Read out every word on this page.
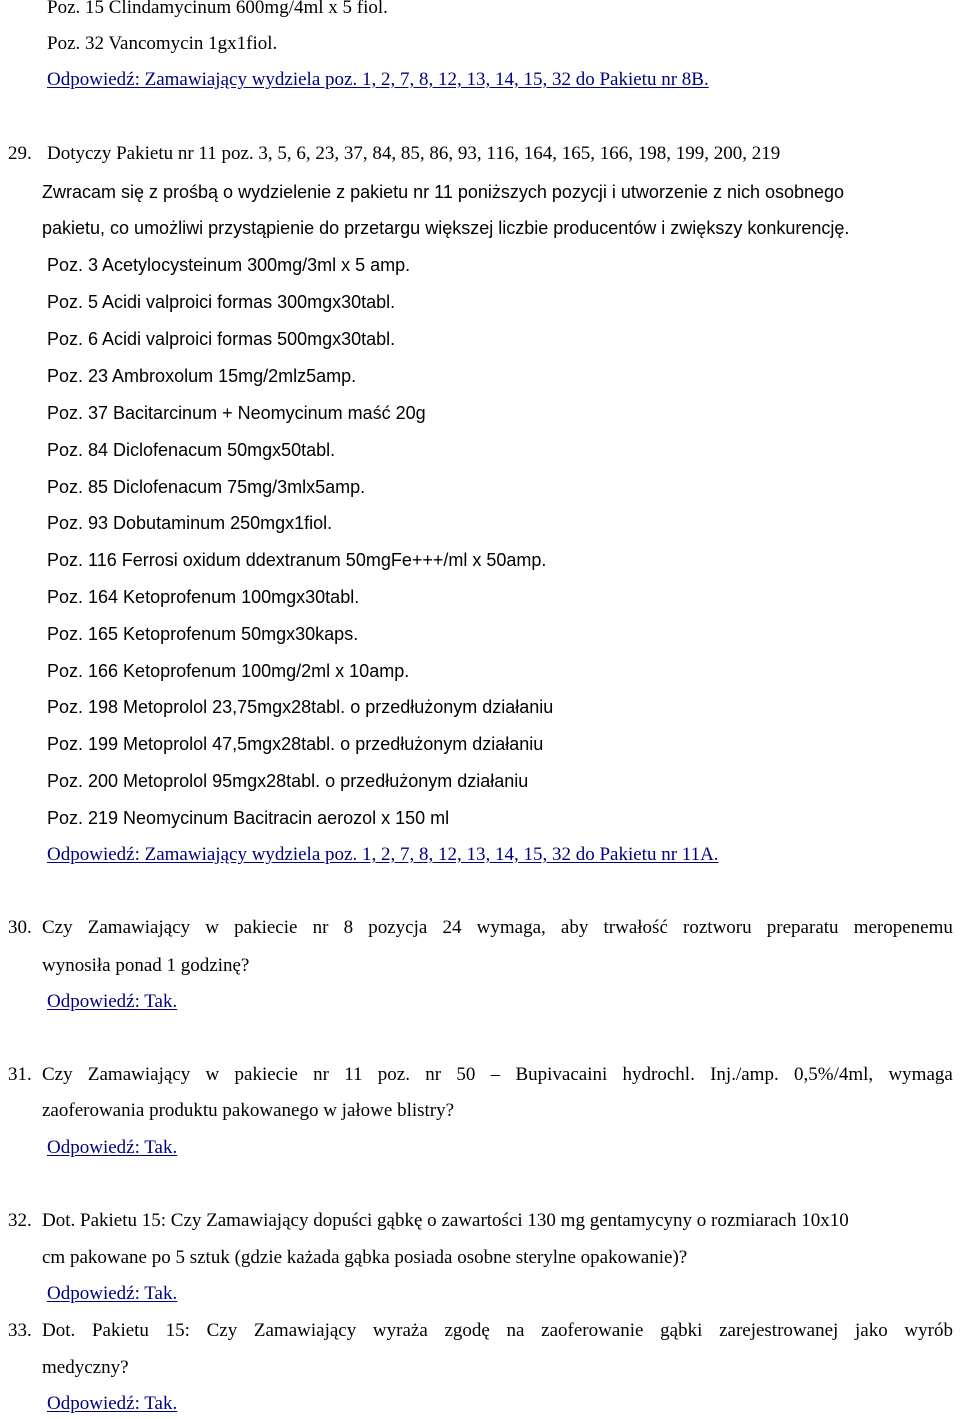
Poz. 15 Clindamycinum 600mg/4ml x 5 fiol.
Poz. 32 Vancomycin 1gx1fiol.
Odpowiedź: Zamawiający wydziela poz. 1, 2, 7, 8, 12, 13, 14, 15, 32 do Pakietu nr 8B.
29. Dotyczy Pakietu nr 11 poz. 3, 5, 6, 23, 37, 84, 85, 86, 93, 116, 164, 165, 166, 198, 199, 200, 219
Zwracam się z prośbą o wydzielenie z pakietu nr 11 poniższych pozycji i utworzenie z nich osobnego
pakietu, co umożliwi przystąpienie do przetargu większej liczbie producentów i zwiększy konkurencję.
Poz. 3 Acetylocysteinum 300mg/3ml x 5 amp.
Poz. 5 Acidi valproici formas 300mgx30tabl.
Poz. 6 Acidi valproici formas 500mgx30tabl.
Poz. 23 Ambroxolum 15mg/2mlz5amp.
Poz. 37 Bacitarcinum + Neomycinum maść 20g
Poz. 84 Diclofenacum 50mgx50tabl.
Poz. 85 Diclofenacum 75mg/3mlx5amp.
Poz. 93 Dobutaminum 250mgx1fiol.
Poz. 116 Ferrosi oxidum ddextranum 50mgFe+++/ml x 50amp.
Poz. 164 Ketoprofenum 100mgx30tabl.
Poz. 165 Ketoprofenum 50mgx30kaps.
Poz. 166 Ketoprofenum 100mg/2ml x 10amp.
Poz. 198 Metoprolol 23,75mgx28tabl. o przedłużonym działaniu
Poz. 199 Metoprolol 47,5mgx28tabl. o przedłużonym działaniu
Poz. 200 Metoprolol 95mgx28tabl. o przedłużonym działaniu
Poz. 219 Neomycinum Bacitracin aerozol x 150 ml
Odpowiedź: Zamawiający wydziela poz. 1, 2, 7, 8, 12, 13, 14, 15, 32 do Pakietu nr 11A.
30. Czy Zamawiający w pakiecie nr 8 pozycja 24 wymaga, aby trwałość roztworu preparatu meropenemu
wynosiła ponad 1 godzinę?
Odpowiedź: Tak.
31. Czy Zamawiający w pakiecie nr 11 poz. nr 50 – Bupivacaini hydrochl. Inj./amp. 0,5%/4ml, wymaga
zaoferowania produktu pakowanego w jałowe blistry?
Odpowiedź: Tak.
32. Dot. Pakietu 15: Czy Zamawiający dopuści gąbkę o zawartości 130 mg gentamycyny o rozmiarach 10x10
cm pakowane po 5 sztuk (gdzie każada gąbka posiada osobne sterylne opakowanie)?
Odpowiedź: Tak.
33. Dot. Pakietu 15: Czy Zamawiający wyraża zgodę na zaoferowanie gąbki zarejestrowanej jako wyrób
medyczny?
Odpowiedź: Tak.
